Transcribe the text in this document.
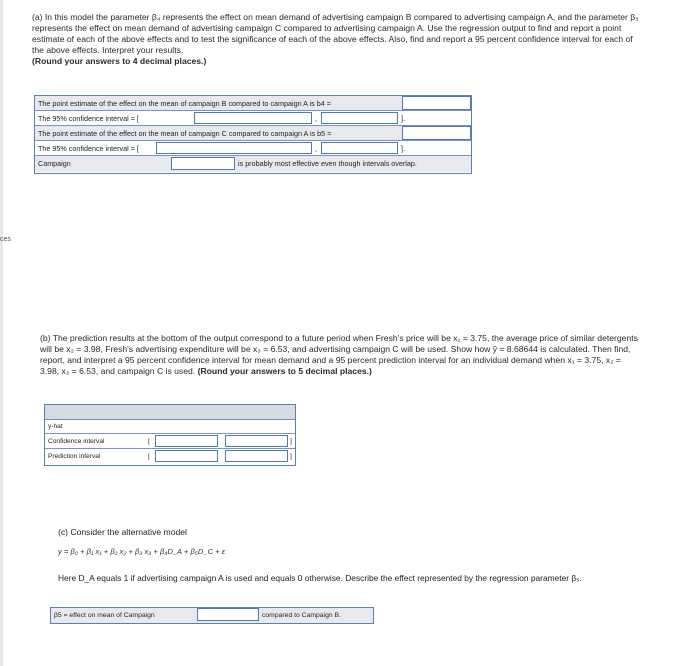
ces

(a) In this model the parameter β₄ represents the effect on mean demand of advertising campaign B compared to advertising campaign A, and the parameter β₅ represents the effect on mean demand of advertising campaign C compared to advertising campaign A. Use the regression output to find and report a point estimate of each of the above effects and to test the significance of each of the above effects. Also, find and report a 95 percent confidence interval for each of the above effects. Interpret your results.
(Round your answers to 4 decimal places.)

The point estimate of the effect on the mean of campaign B compared to campaign A is b4 =
The 95% confidence interval = [	,	].
The point estimate of the effect on the mean of campaign C compared to campaign A is b5 =
The 95% confidence interval = [	,	].
Campaign	is probably most effective even though intervals overlap.

(b) The prediction results at the bottom of the output correspond to a future period when Fresh's price will be x₁ = 3.75, the average price of similar detergents will be x₂ = 3.98, Fresh's advertising expenditure will be x₃ = 6.53, and advertising campaign C will be used. Show how ŷ = 8.68644 is calculated. Then find, report, and interpret a 95 percent confidence interval for mean demand and a 95 percent prediction interval for an individual demand when x₁ = 3.75, x₂ = 3.98, x₃ = 6.53, and campaign C is used. (Round your answers to 5 decimal places.)

y-hat
Confidence interval	[	]
Prediction interval	[	]
(c) Consider the alternative model
y = β₀ + β₁ x₁ + β₂ x₂ + β₃ x₃ + β₄D_A + β₅D_C + ε
Here D_A equals 1 if advertising campaign A is used and equals 0 otherwise. Describe the effect represented by the regression parameter β₅.
β5 = effect on mean of Campaign	compared to Campaign B.
